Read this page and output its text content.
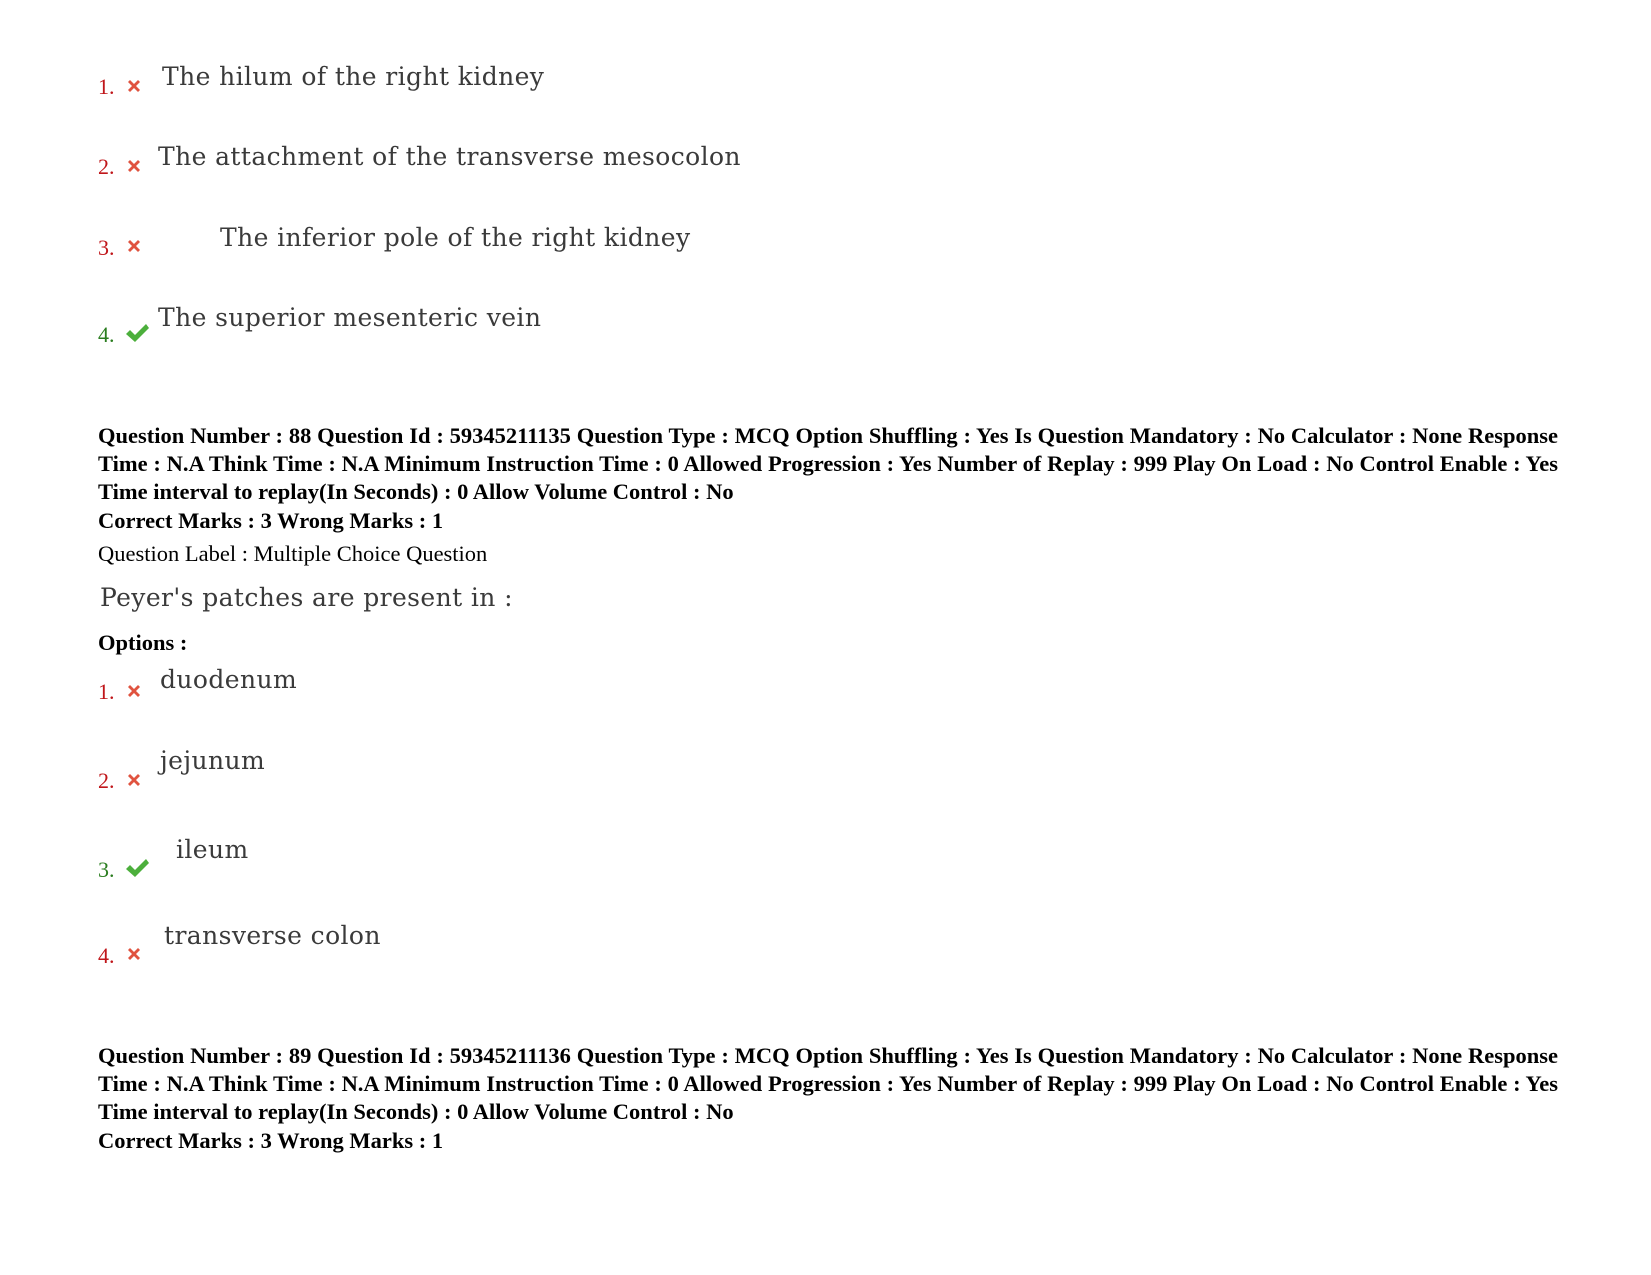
1. The hilum of the right kidney
2. The attachment of the transverse mesocolon
3.	The inferior pole of the right kidney
4.
The superior mesenteric vein
Question Number : 88 Question Id : 59345211135 Question Type : MCQ Option Shuffling : Yes Is Question Mandatory : No Calculator : None Response Time : N.A Think Time : N.A Minimum Instruction Time : 0 Allowed Progression : Yes Number of Replay : 999 Play On Load : No Control Enable : Yes Time interval to replay(In Seconds) : 0 Allow Volume Control : No
Correct Marks : 3 Wrong Marks : 1
Question Label : Multiple Choice Question
Peyer's patches are present in :
Options :
1. duodenum
2.
jejunum
3.
ileum
4.
transverse colon
Question Number : 89 Question Id : 59345211136 Question Type : MCQ Option Shuffling : Yes Is Question Mandatory : No Calculator : None Response Time : N.A Think Time : N.A Minimum Instruction Time : 0 Allowed Progression : Yes Number of Replay : 999 Play On Load : No Control Enable : Yes Time interval to replay(In Seconds) : 0 Allow Volume Control : No
Correct Marks : 3 Wrong Marks : 1
